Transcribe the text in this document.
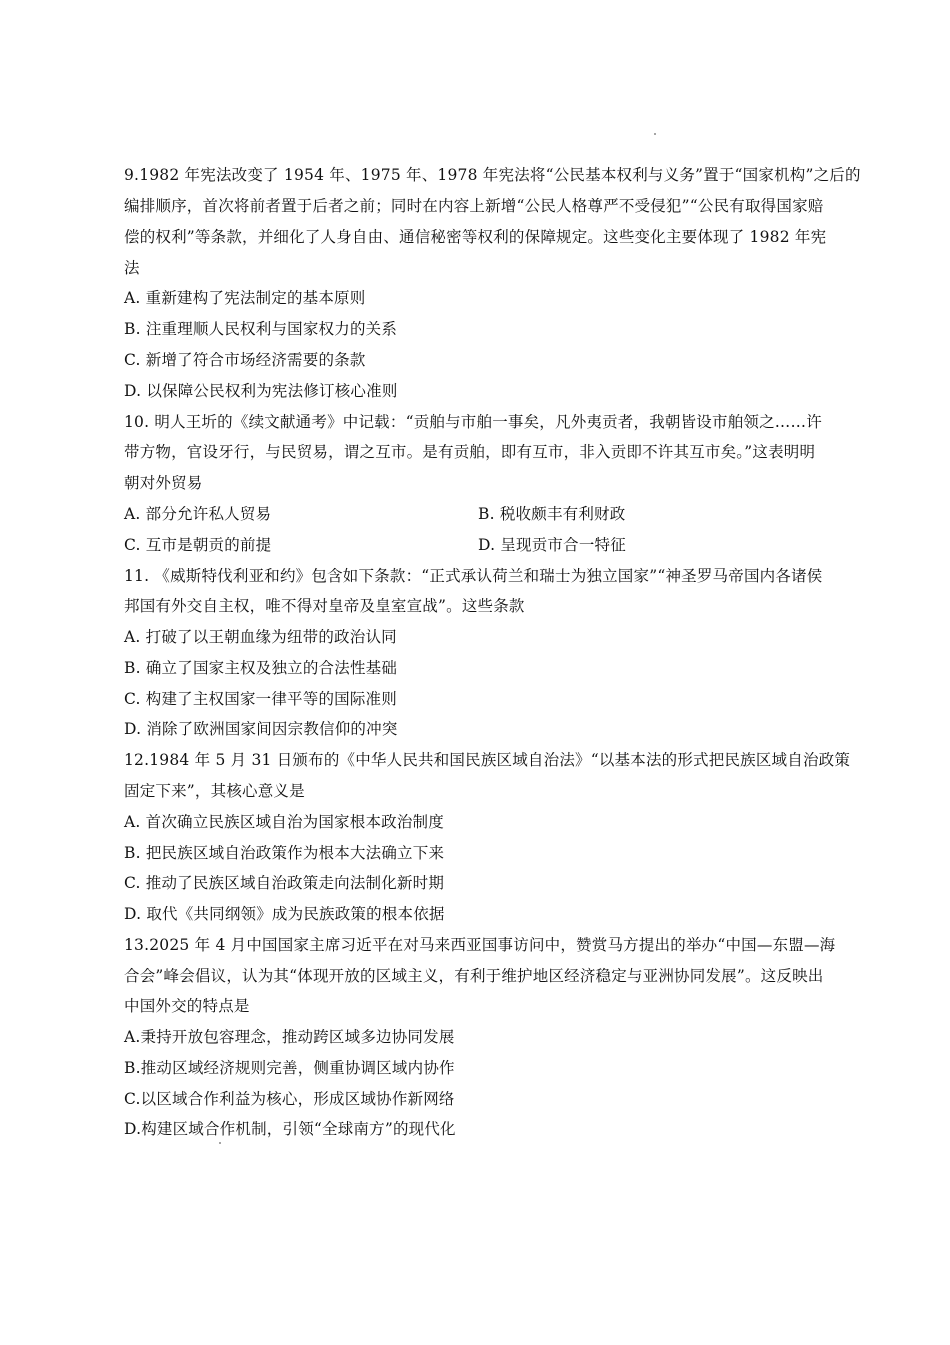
9.1982 年宪法改变了 1954 年、1975 年、1978 年宪法将“公民基本权利与义务”置于“国家机构”之后的
编排顺序，首次将前者置于后者之前；同时在内容上新增“公民人格尊严不受侵犯”“公民有取得国家赔
偿的权利”等条款，并细化了人身自由、通信秘密等权利的保障规定。这些变化主要体现了 1982 年宪
法
A. 重新建构了宪法制定的基本原则
B. 注重理顺人民权利与国家权力的关系
C. 新增了符合市场经济需要的条款
D. 以保障公民权利为宪法修订核心准则
10. 明人王圻的《续文献通考》中记载：“贡舶与市舶一事矣，凡外夷贡者，我朝皆设市舶领之……许
带方物，官设牙行，与民贸易，谓之互市。是有贡舶，即有互市，非入贡即不许其互市矣。”这表明明
朝对外贸易
A. 部分允许私人贸易	B. 税收颇丰有利财政
C. 互市是朝贡的前提	D. 呈现贡市合一特征
11. 《威斯特伐利亚和约》包含如下条款：“正式承认荷兰和瑞士为独立国家”“神圣罗马帝国内各诸侯
邦国有外交自主权，唯不得对皇帝及皇室宣战”。这些条款
A. 打破了以王朝血缘为纽带的政治认同
B. 确立了国家主权及独立的合法性基础
C. 构建了主权国家一律平等的国际准则
D. 消除了欧洲国家间因宗教信仰的冲突
12.1984 年 5 月 31 日颁布的《中华人民共和国民族区域自治法》“以基本法的形式把民族区域自治政策
固定下来”，其核心意义是
A. 首次确立民族区域自治为国家根本政治制度
B. 把民族区域自治政策作为根本大法确立下来
C. 推动了民族区域自治政策走向法制化新时期
D. 取代《共同纲领》成为民族政策的根本依据
13.2025 年 4 月中国国家主席习近平在对马来西亚国事访问中，赞赏马方提出的举办“中国—东盟—海
合会”峰会倡议，认为其“体现开放的区域主义，有利于维护地区经济稳定与亚洲协同发展”。这反映出
中国外交的特点是
A.秉持开放包容理念，推动跨区域多边协同发展
B.推动区域经济规则完善，侧重协调区域内协作
C.以区域合作利益为核心，形成区域协作新网络
D.构建区域合作机制，引领“全球南方”的现代化
